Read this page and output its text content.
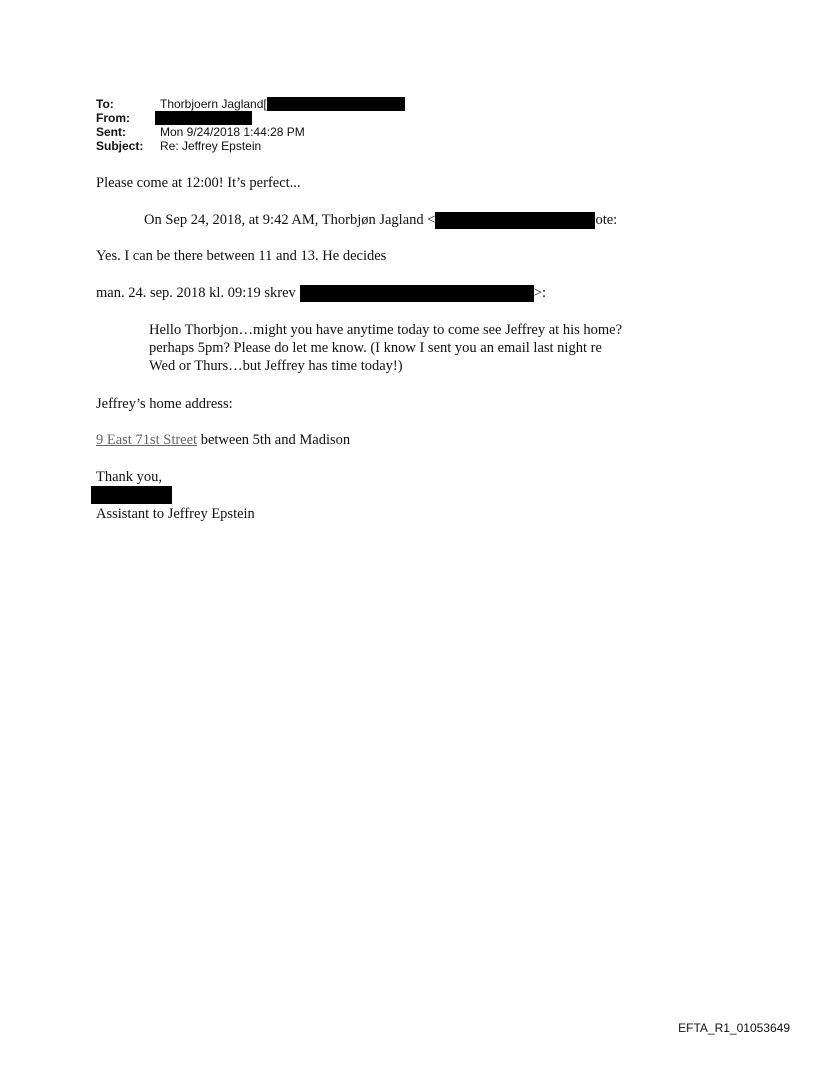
To:	Thorbjoern Jagland[
From:
Sent:	Mon 9/24/2018 1:44:28 PM
Subject: Re: Jeffrey Epstein
Please come at 12:00! It’s perfect...
On Sep 24, 2018, at 9:42 AM, Thorbjøn Jagland <	ote:
Yes. I can be there between 11 and 13. He decides
man. 24. sep. 2018 kl. 09:19 skrev	>:
Hello Thorbjon…might you have anytime today to come see Jeffrey at his home?
perhaps 5pm? Please do let me know. (I know I sent you an email last night re
Wed or Thurs…but Jeffrey has time today!)
Jeffrey’s home address:
9 East 71st Street between 5th and Madison
Thank you,
Assistant to Jeffrey Epstein
EFTA_R1_01053649
